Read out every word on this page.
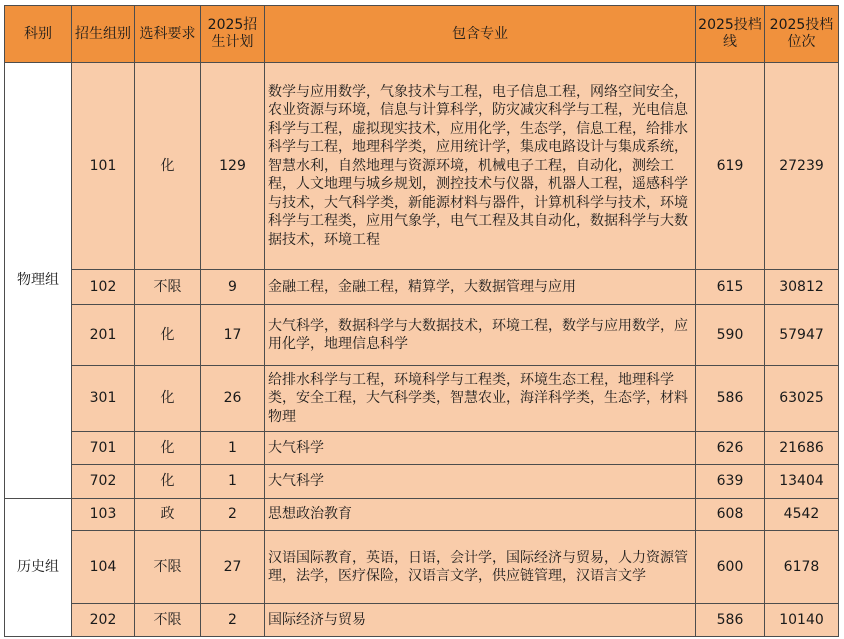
科别	招生组别	选科要求	2025招生计划	包含专业	2025投档线	2025投档位次
物理组	101	化	129	数学与应用数学，气象技术与工程，电子信息工程，网络空间安全，农业资源与环境，信息与计算科学，防灾减灾科学与工程，光电信息科学与工程，虚拟现实技术，应用化学，生态学，信息工程，给排水科学与工程，地理科学类，应用统计学，集成电路设计与集成系统，智慧水利，自然地理与资源环境，机械电子工程，自动化，测绘工程，人文地理与城乡规划，测控技术与仪器，机器人工程，遥感科学与技术，大气科学类，新能源材料与器件，计算机科学与技术，环境科学与工程类，应用气象学，电气工程及其自动化，数据科学与大数据技术，环境工程	619	27239
	102	不限	9	金融工程，金融工程，精算学，大数据管理与应用	615	30812
	201	化	17	大气科学，数据科学与大数据技术，环境工程，数学与应用数学，应用化学，地理信息科学	590	57947
	301	化	26	给排水科学与工程，环境科学与工程类，环境生态工程，地理科学类，安全工程，大气科学类，智慧农业，海洋科学类，生态学，材料物理	586	63025
	701	化	1	大气科学	626	21686
	702	化	1	大气科学	639	13404
历史组	103	政	2	思想政治教育	608	4542
	104	不限	27	汉语国际教育，英语，日语，会计学，国际经济与贸易，人力资源管理，法学，医疗保险，汉语言文学，供应链管理，汉语言文学	600	6178
	202	不限	2	国际经济与贸易	586	10140
